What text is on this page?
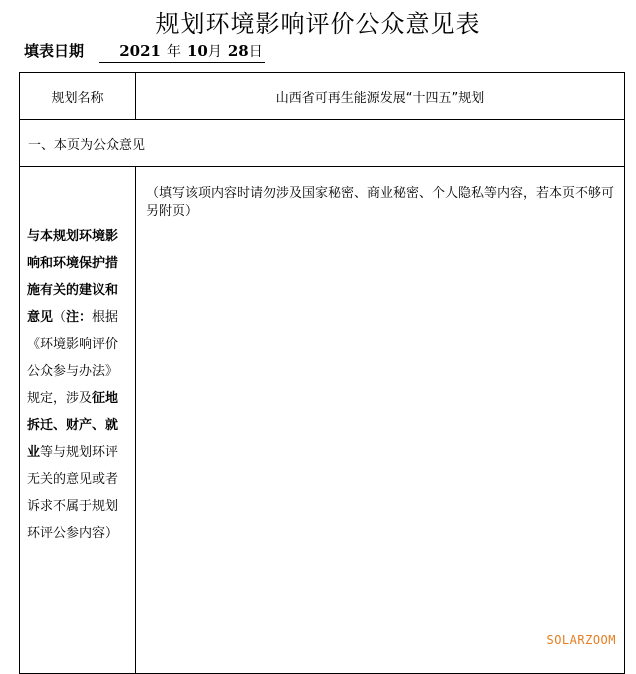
规划环境影响评价公众意见表
填表日期 2021 年 10月 28日
规划名称	山西省可再生能源发展“十四五”规划
一、本页为公众意见	
与本规划环境影响和环境保护措施有关的建议和意见（注：根据《环境影响评价公众参与办法》规定，涉及征地拆迁、财产、就业等与规划环评无关的意见或者诉求不属于规划环评公参内容）	（填写该项内容时请勿涉及国家秘密、商业秘密、个人隐私等内容，若本页不够可另附页）
SOLARZOOM
